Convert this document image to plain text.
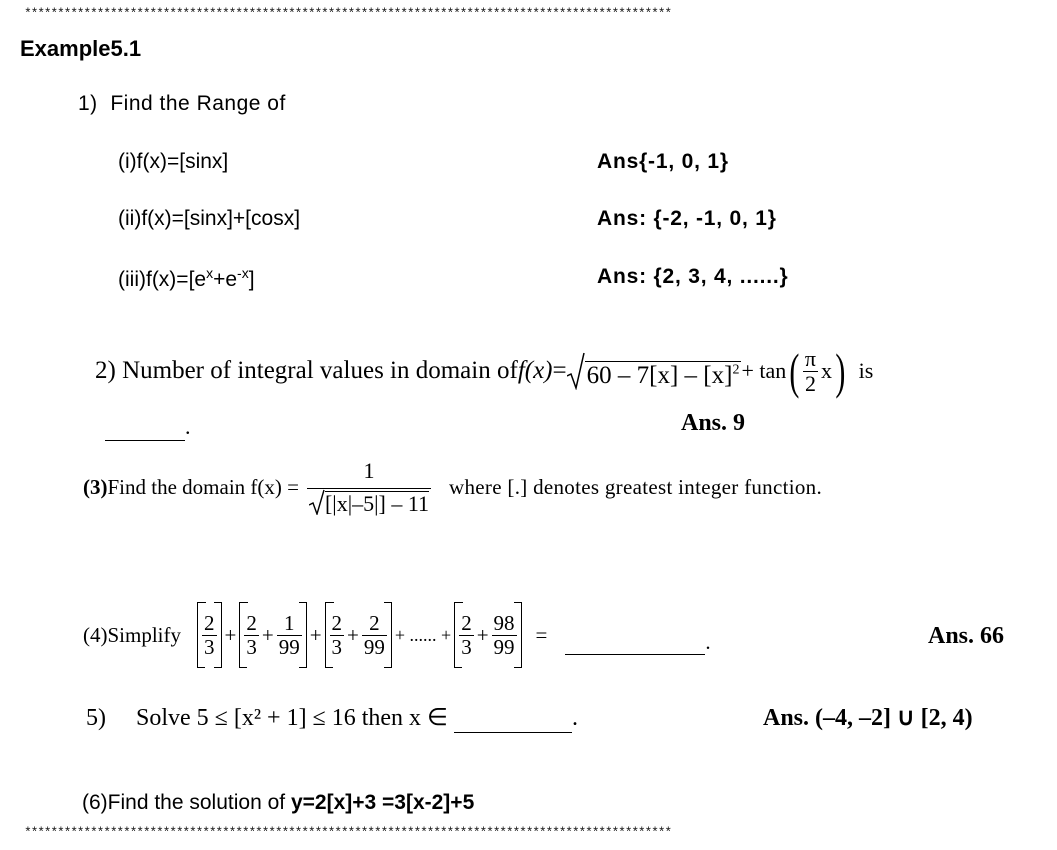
**************************************************************************************************
Example5.1
1) Find the Range of
(i)f(x)=[sinx]	Ans{-1, 0, 1}
(ii)f(x)=[sinx]+[cosx]	Ans: {-2, -1, 0, 1}
$(iii)f(x)=[e^x+e^{-x}]$	Ans: {2, 3, 4, ......}
2) Number of integral values in domain of $f(x) = 60 - 7[x] - [x]^2 + \tan$ ( $\frac{\pi}{2}$ x ) is
.	Ans. 9
(3) Find the domain $f(x) = \frac{1}{[|x|-5|] - 11}$ where [.] denotes greatest integer function.
(4)Simplify $\frac{2}{3} + \frac{2}{3} + \frac{1}{99} + \frac{2}{3} + \frac{2}{99}$ + ...... + $\frac{2}{3} + \frac{98}{99}$ =
	.	Ans. 66
5) Solve 5 ≤ [x² + 1] ≤ 16 then x ∈	.	Ans. (–4, –2] ∪ [2, 4)
(6)Find the solution of y=2[x]+3 =3[x-2]+5
**************************************************************************************************
